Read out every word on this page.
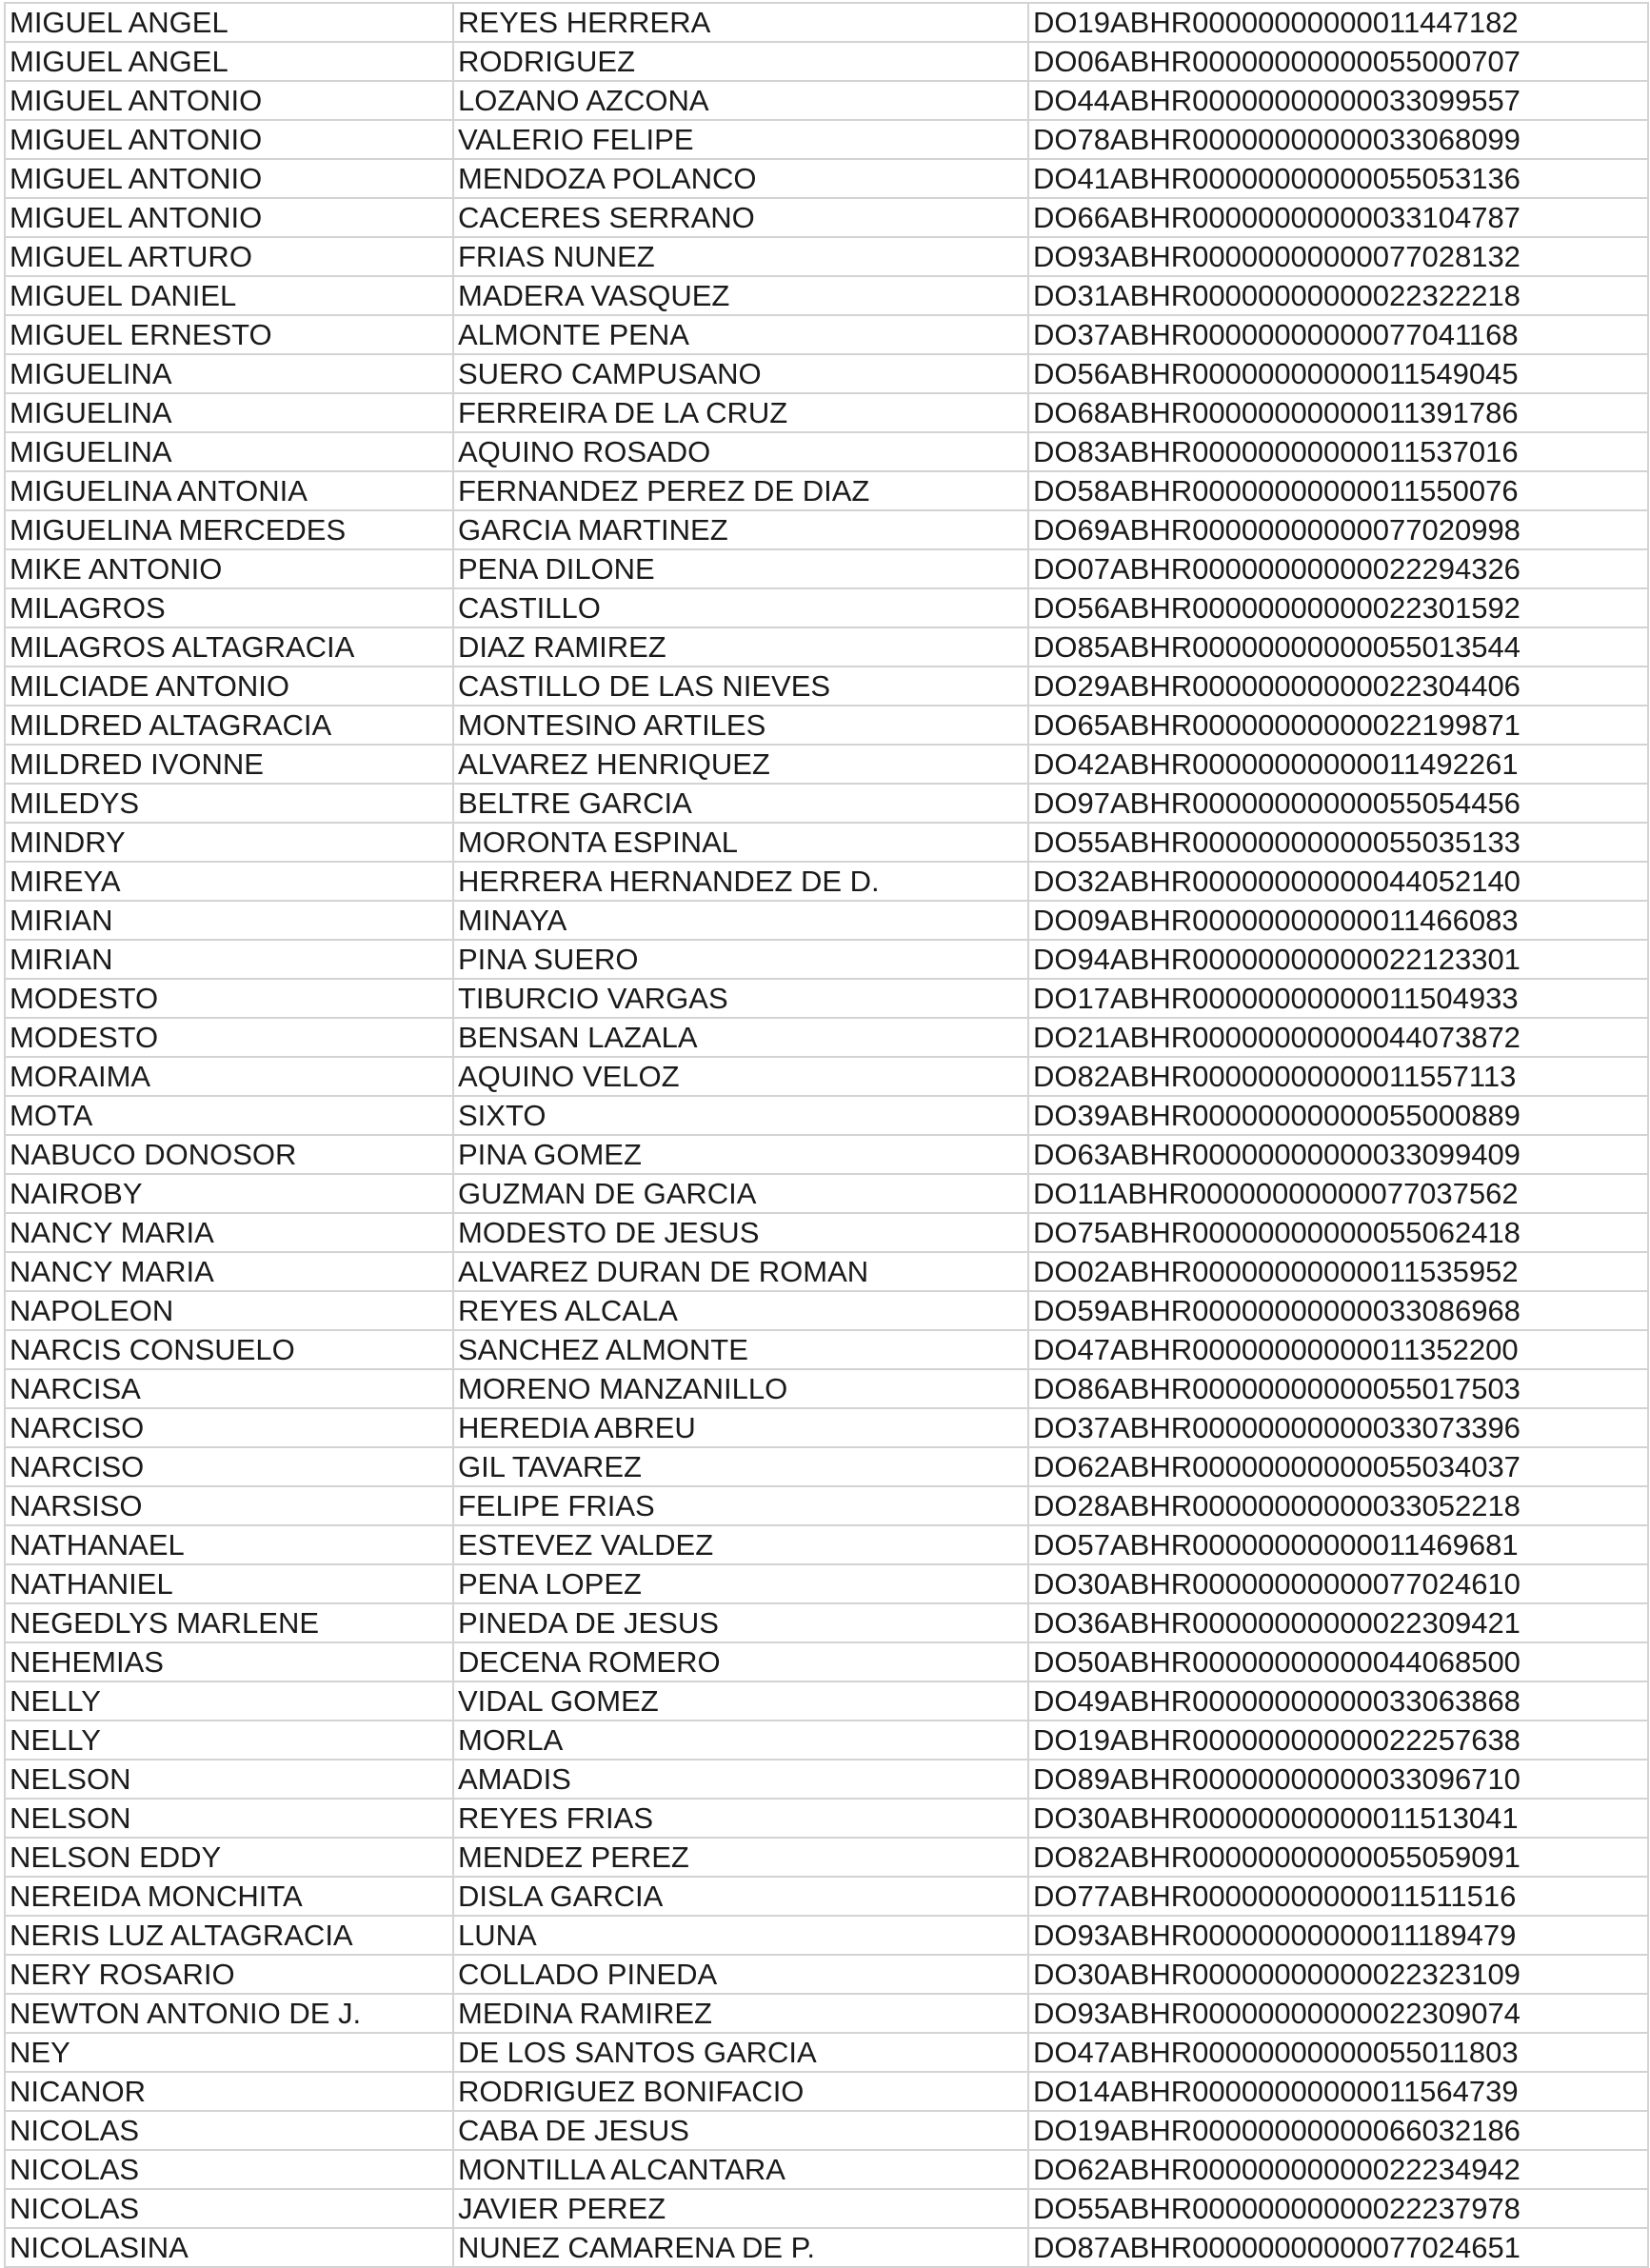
MIGUEL ANGEL	REYES HERRERA	DO19ABHR00000000000011447182
MIGUEL ANGEL	RODRIGUEZ	DO06ABHR00000000000055000707
MIGUEL ANTONIO	LOZANO AZCONA	DO44ABHR00000000000033099557
MIGUEL ANTONIO	VALERIO FELIPE	DO78ABHR00000000000033068099
MIGUEL ANTONIO	MENDOZA POLANCO	DO41ABHR00000000000055053136
MIGUEL ANTONIO	CACERES SERRANO	DO66ABHR00000000000033104787
MIGUEL ARTURO	FRIAS NUNEZ	DO93ABHR00000000000077028132
MIGUEL DANIEL	MADERA VASQUEZ	DO31ABHR00000000000022322218
MIGUEL ERNESTO	ALMONTE PENA	DO37ABHR00000000000077041168
MIGUELINA	SUERO CAMPUSANO	DO56ABHR00000000000011549045
MIGUELINA	FERREIRA DE LA CRUZ	DO68ABHR00000000000011391786
MIGUELINA	AQUINO ROSADO	DO83ABHR00000000000011537016
MIGUELINA ANTONIA	FERNANDEZ PEREZ DE DIAZ	DO58ABHR00000000000011550076
MIGUELINA MERCEDES	GARCIA MARTINEZ	DO69ABHR00000000000077020998
MIKE ANTONIO	PENA DILONE	DO07ABHR00000000000022294326
MILAGROS	CASTILLO	DO56ABHR00000000000022301592
MILAGROS ALTAGRACIA	DIAZ RAMIREZ	DO85ABHR00000000000055013544
MILCIADE ANTONIO	CASTILLO DE LAS NIEVES	DO29ABHR00000000000022304406
MILDRED ALTAGRACIA	MONTESINO ARTILES	DO65ABHR00000000000022199871
MILDRED IVONNE	ALVAREZ HENRIQUEZ	DO42ABHR00000000000011492261
MILEDYS	BELTRE GARCIA	DO97ABHR00000000000055054456
MINDRY	MORONTA ESPINAL	DO55ABHR00000000000055035133
MIREYA	HERRERA HERNANDEZ DE D.	DO32ABHR00000000000044052140
MIRIAN	MINAYA	DO09ABHR00000000000011466083
MIRIAN	PINA SUERO	DO94ABHR00000000000022123301
MODESTO	TIBURCIO VARGAS	DO17ABHR00000000000011504933
MODESTO	BENSAN LAZALA	DO21ABHR00000000000044073872
MORAIMA	AQUINO VELOZ	DO82ABHR00000000000011557113
MOTA	SIXTO	DO39ABHR00000000000055000889
NABUCO DONOSOR	PINA GOMEZ	DO63ABHR00000000000033099409
NAIROBY	GUZMAN DE GARCIA	DO11ABHR00000000000077037562
NANCY MARIA	MODESTO DE JESUS	DO75ABHR00000000000055062418
NANCY MARIA	ALVAREZ DURAN DE ROMAN	DO02ABHR00000000000011535952
NAPOLEON	REYES ALCALA	DO59ABHR00000000000033086968
NARCIS CONSUELO	SANCHEZ ALMONTE	DO47ABHR00000000000011352200
NARCISA	MORENO MANZANILLO	DO86ABHR00000000000055017503
NARCISO	HEREDIA ABREU	DO37ABHR00000000000033073396
NARCISO	GIL TAVAREZ	DO62ABHR00000000000055034037
NARSISO	FELIPE FRIAS	DO28ABHR00000000000033052218
NATHANAEL	ESTEVEZ VALDEZ	DO57ABHR00000000000011469681
NATHANIEL	PENA LOPEZ	DO30ABHR00000000000077024610
NEGEDLYS MARLENE	PINEDA DE JESUS	DO36ABHR00000000000022309421
NEHEMIAS	DECENA ROMERO	DO50ABHR00000000000044068500
NELLY	VIDAL GOMEZ	DO49ABHR00000000000033063868
NELLY	MORLA	DO19ABHR00000000000022257638
NELSON	AMADIS	DO89ABHR00000000000033096710
NELSON	REYES FRIAS	DO30ABHR00000000000011513041
NELSON EDDY	MENDEZ PEREZ	DO82ABHR00000000000055059091
NEREIDA MONCHITA	DISLA GARCIA	DO77ABHR00000000000011511516
NERIS LUZ ALTAGRACIA	LUNA	DO93ABHR00000000000011189479
NERY ROSARIO	COLLADO PINEDA	DO30ABHR00000000000022323109
NEWTON ANTONIO DE J.	MEDINA RAMIREZ	DO93ABHR00000000000022309074
NEY	DE LOS SANTOS GARCIA	DO47ABHR00000000000055011803
NICANOR	RODRIGUEZ BONIFACIO	DO14ABHR00000000000011564739
NICOLAS	CABA DE JESUS	DO19ABHR00000000000066032186
NICOLAS	MONTILLA ALCANTARA	DO62ABHR00000000000022234942
NICOLAS	JAVIER PEREZ	DO55ABHR00000000000022237978
NICOLASINA	NUNEZ CAMARENA DE P.	DO87ABHR00000000000077024651
